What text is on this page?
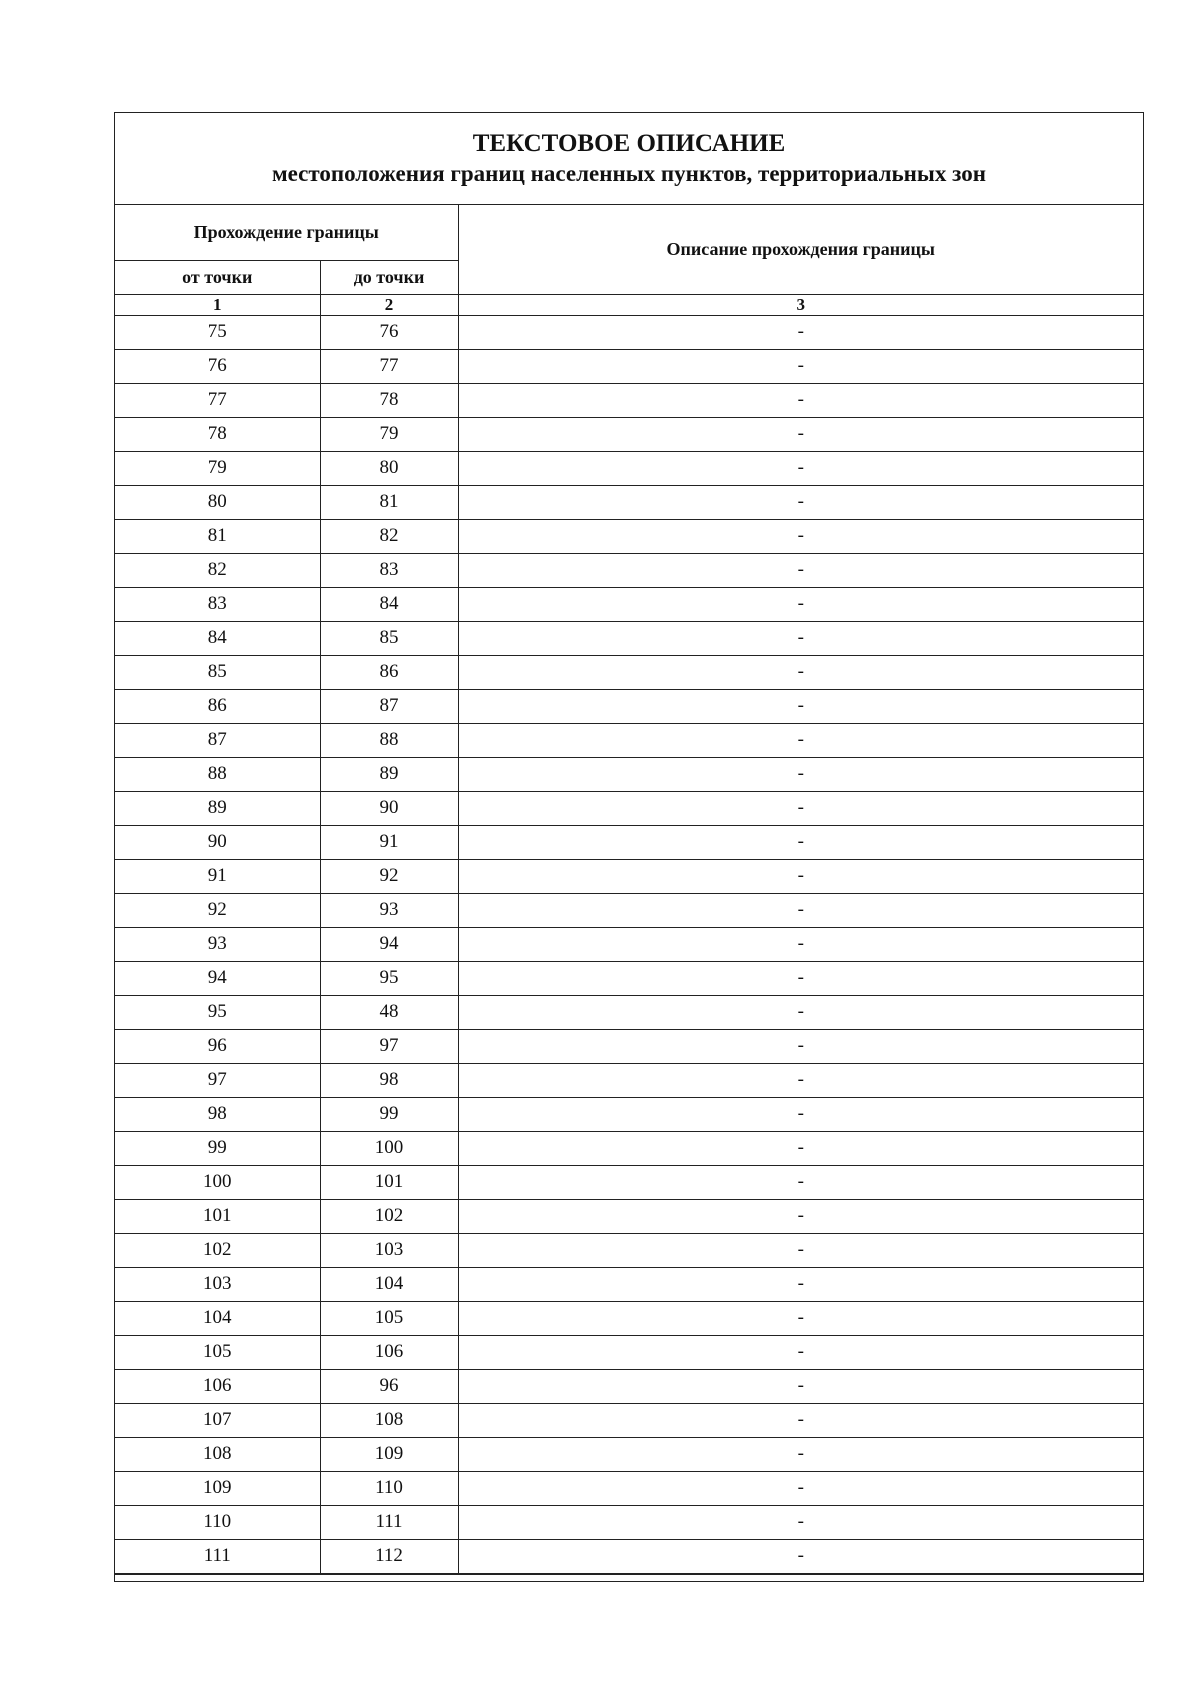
ТЕКСТОВОЕ ОПИСАНИЕ
местоположения границ населенных пунктов, территориальных зон
Прохождение границы		Описание прохождения границы
от точки	до точки	
1	2	3
75	76	-
76	77	-
77	78	-
78	79	-
79	80	-
80	81	-
81	82	-
82	83	-
83	84	-
84	85	-
85	86	-
86	87	-
87	88	-
88	89	-
89	90	-
90	91	-
91	92	-
92	93	-
93	94	-
94	95	-
95	48	-
96	97	-
97	98	-
98	99	-
99	100	-
100	101	-
101	102	-
102	103	-
103	104	-
104	105	-
105	106	-
106	96	-
107	108	-
108	109	-
109	110	-
110	111	-
111	112	-
